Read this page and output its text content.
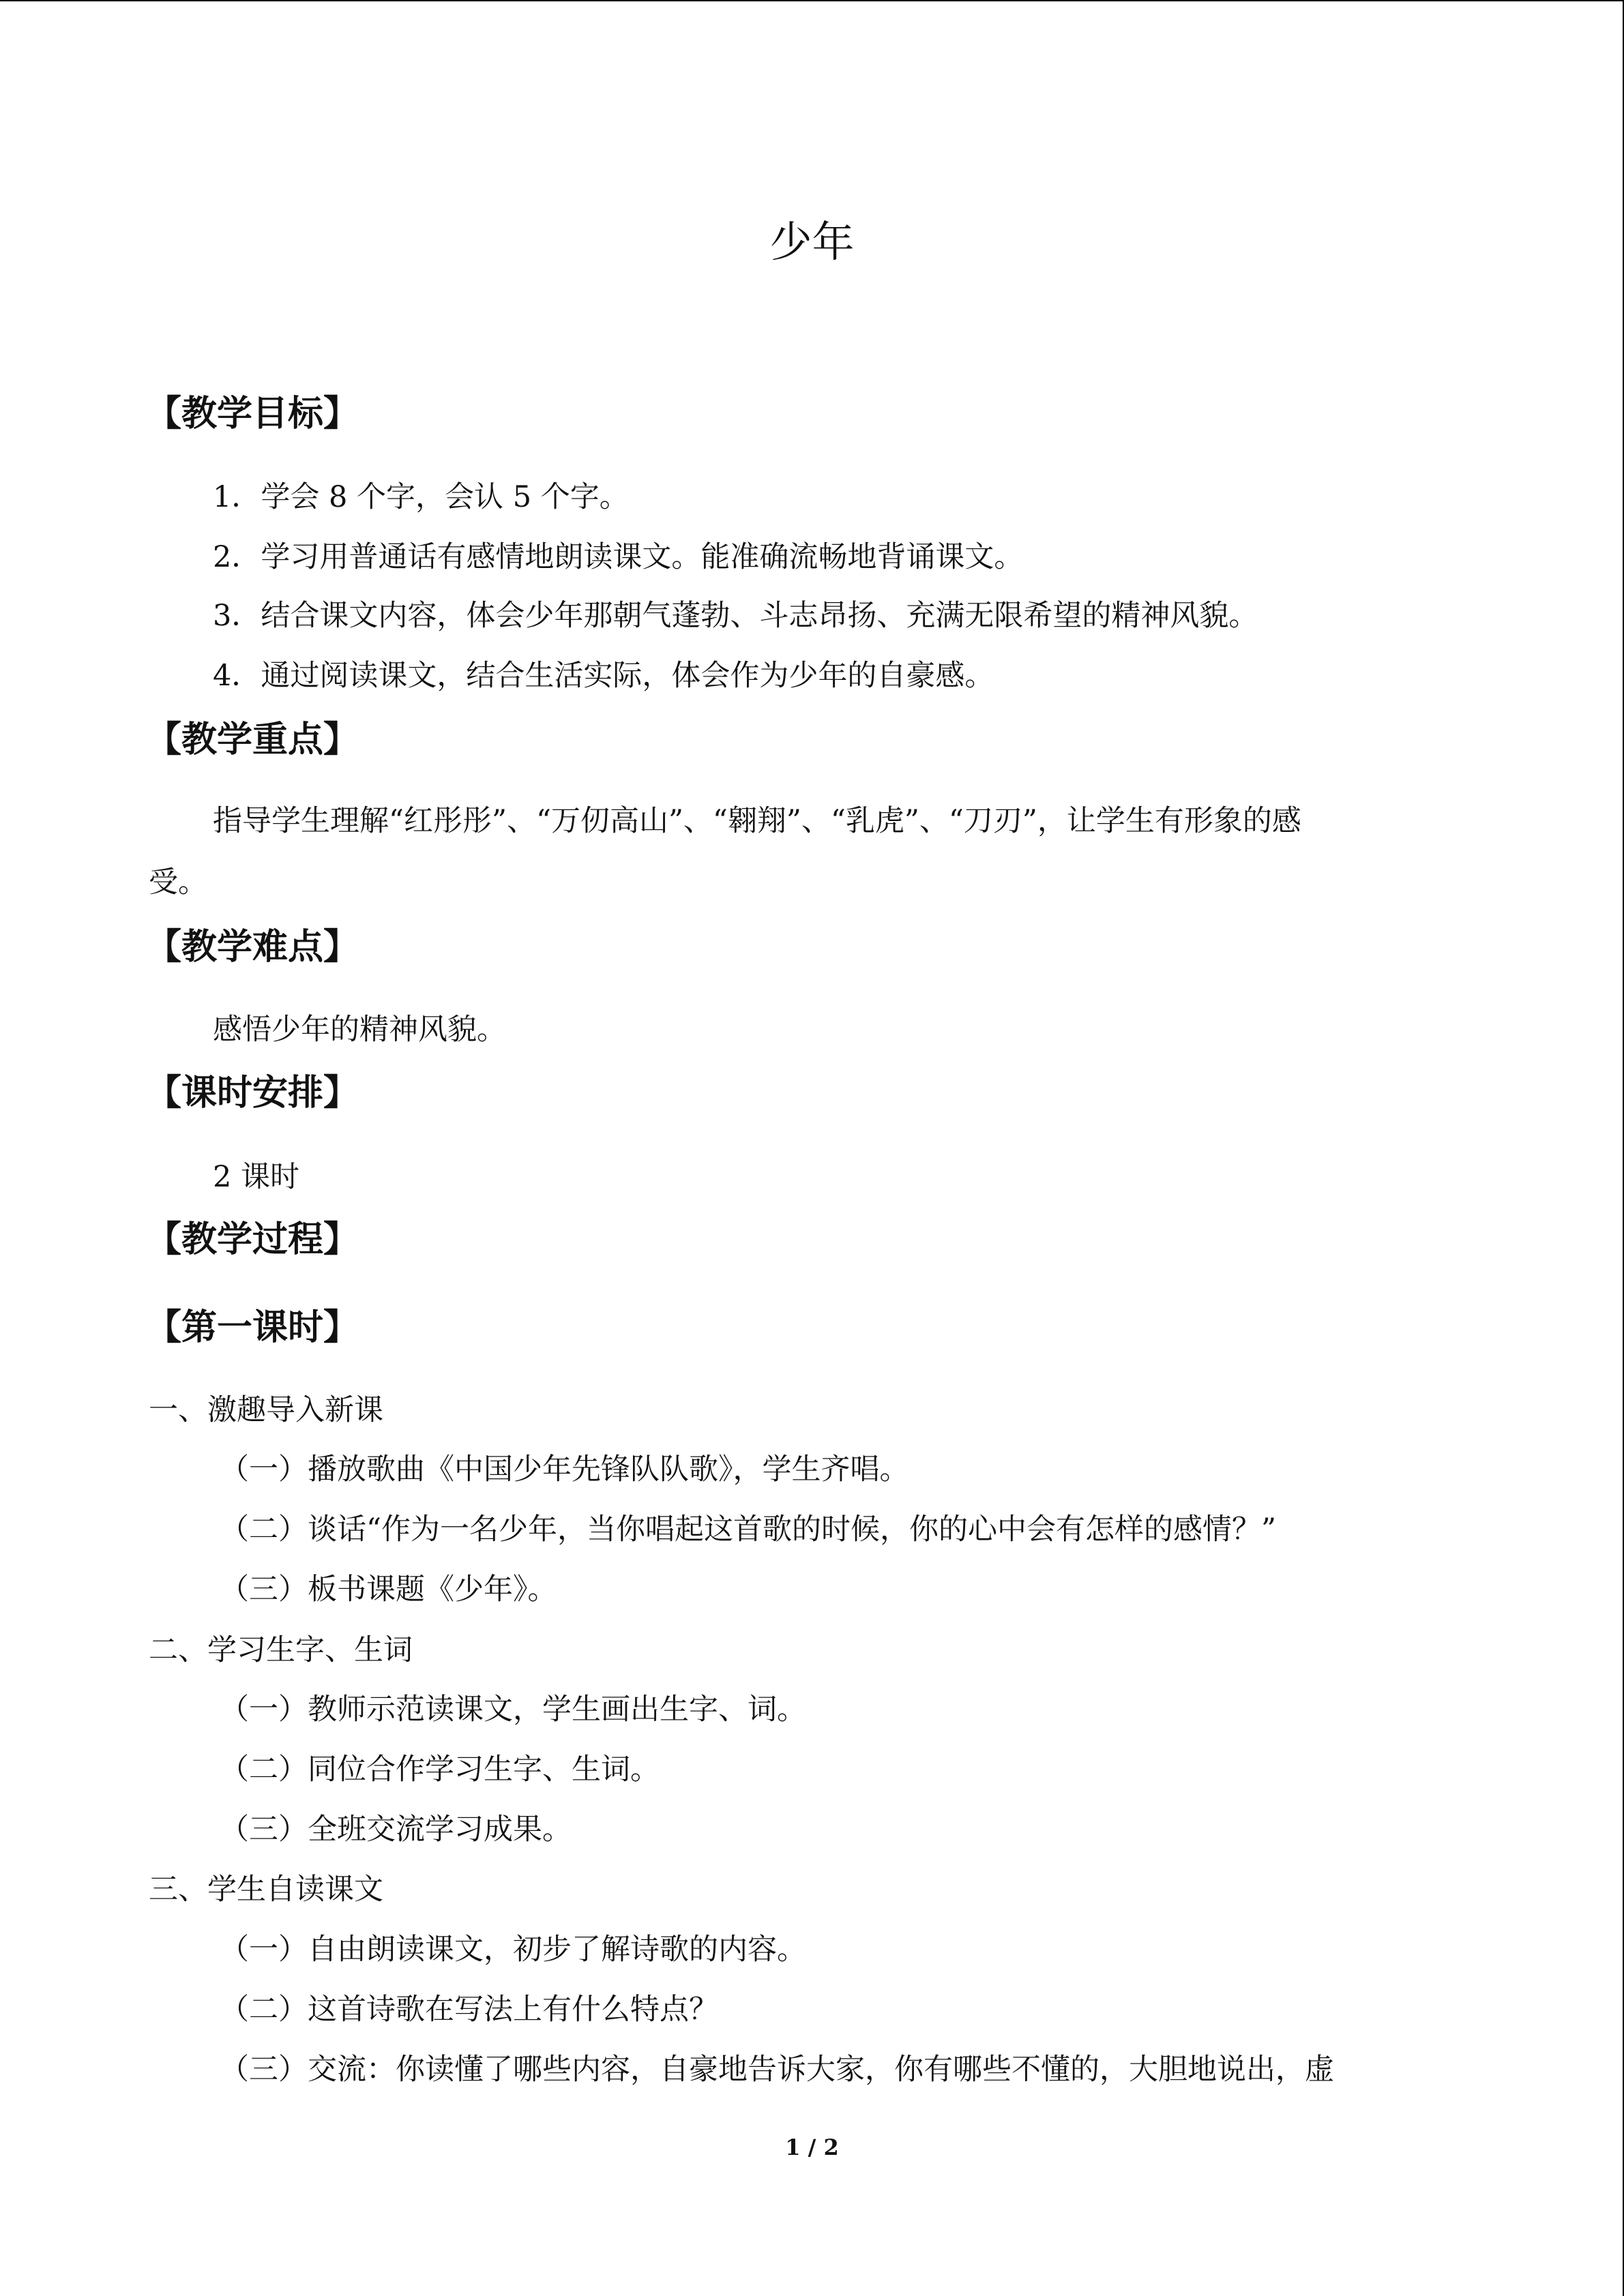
少年
【教学目标】
1．学会 8 个字，会认 5 个字。
2．学习用普通话有感情地朗读课文。能准确流畅地背诵课文。
3．结合课文内容，体会少年那朝气蓬勃、斗志昂扬、充满无限希望的精神风貌。
4．通过阅读课文，结合生活实际，体会作为少年的自豪感。
【教学重点】
指导学生理解“红彤彤”、“万仞高山”、“翱翔”、“乳虎”、“刀刃”，让学生有形象的感
受。
【教学难点】
感悟少年的精神风貌。
【课时安排】
2 课时
【教学过程】
【第一课时】
一、激趣导入新课
（一）播放歌曲《中国少年先锋队队歌》，学生齐唱。
（二）谈话“作为一名少年，当你唱起这首歌的时候，你的心中会有怎样的感情？”
（三）板书课题《少年》。
二、学习生字、生词
（一）教师示范读课文，学生画出生字、词。
（二）同位合作学习生字、生词。
（三）全班交流学习成果。
三、学生自读课文
（一）自由朗读课文，初步了解诗歌的内容。
（二）这首诗歌在写法上有什么特点？
（三）交流：你读懂了哪些内容，自豪地告诉大家，你有哪些不懂的，大胆地说出，虚
1 / 2
